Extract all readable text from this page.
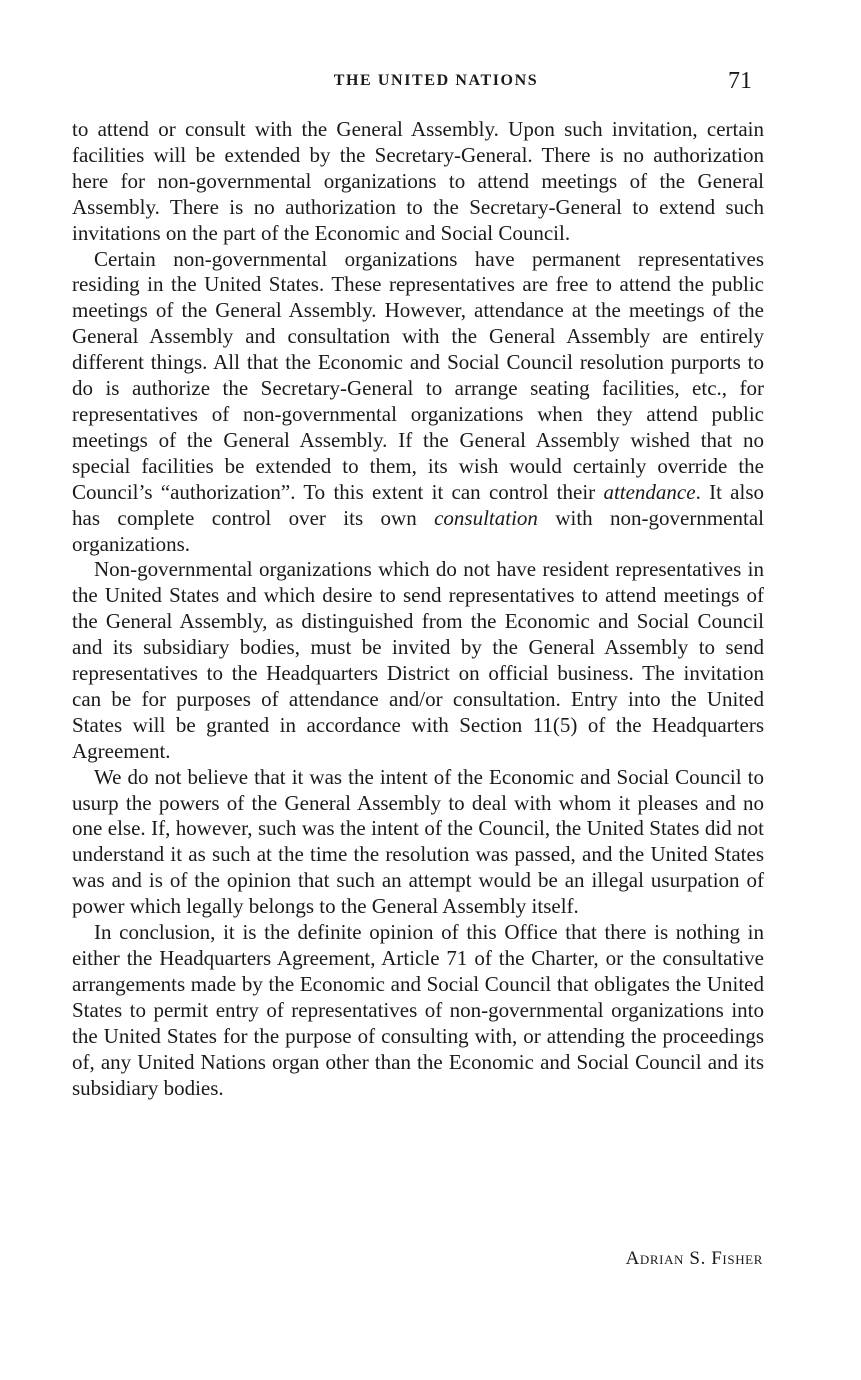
THE UNITED NATIONS	71

to attend or consult with the General Assembly. Upon such invitation, certain facilities will be extended by the Secretary-General. There is no authorization here for non-governmental organizations to attend meetings of the General Assembly. There is no authorization to the Secretary-General to extend such invitations on the part of the Economic and Social Council.

Certain non-governmental organizations have permanent representatives residing in the United States. These representatives are free to attend the public meetings of the General Assembly. However, attendance at the meetings of the General Assembly and consultation with the General Assembly are entirely different things. All that the Economic and Social Council resolution purports to do is authorize the Secretary-General to arrange seating facilities, etc., for representatives of non-governmental organizations when they attend public meetings of the General Assembly. If the General Assembly wished that no special facilities be extended to them, its wish would certainly override the Council’s “authorization”. To this extent it can control their attendance. It also has complete control over its own consultation with non-governmental organizations.

Non-governmental organizations which do not have resident representatives in the United States and which desire to send representatives to attend meetings of the General Assembly, as distinguished from the Economic and Social Council and its subsidiary bodies, must be invited by the General Assembly to send representatives to the Headquarters District on official business. The invitation can be for purposes of attendance and/or consultation. Entry into the United States will be granted in accordance with Section 11(5) of the Headquarters Agreement.

We do not believe that it was the intent of the Economic and Social Council to usurp the powers of the General Assembly to deal with whom it pleases and no one else. If, however, such was the intent of the Council, the United States did not understand it as such at the time the resolution was passed, and the United States was and is of the opinion that such an attempt would be an illegal usurpation of power which legally belongs to the General Assembly itself.

In conclusion, it is the definite opinion of this Office that there is nothing in either the Headquarters Agreement, Article 71 of the Charter, or the consultative arrangements made by the Economic and Social Council that obligates the United States to permit entry of representatives of non-governmental organizations into the United States for the purpose of consulting with, or attending the proceedings of, any United Nations organ other than the Economic and Social Council and its subsidiary bodies.

Adrian S. Fisher
